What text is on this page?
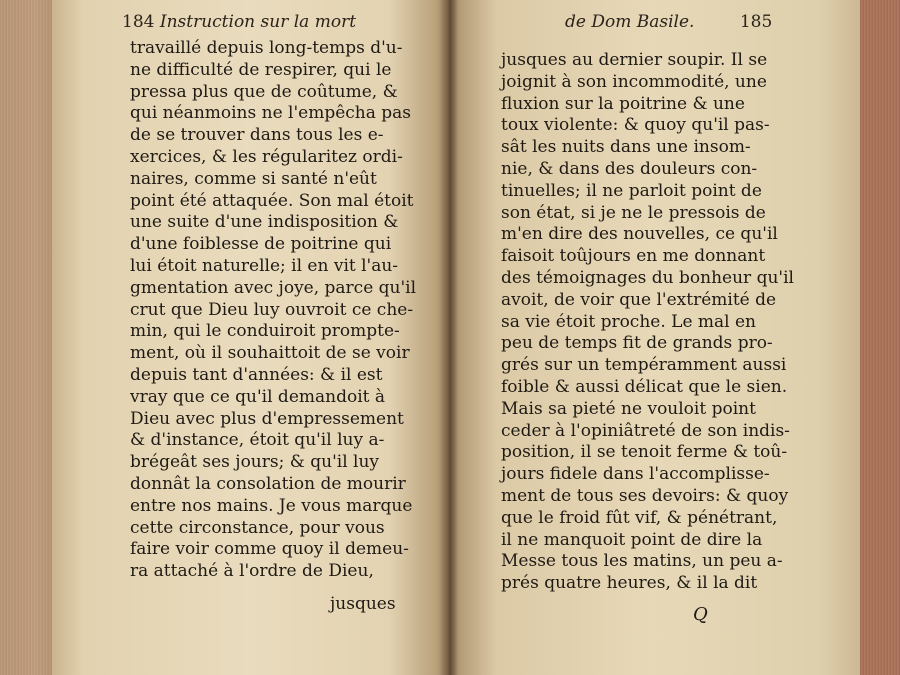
184 Instruction sur la mort
travaillé depuis long-temps d'u-
ne difficulté de respirer, qui le
pressa plus que de coûtume, &
qui néanmoins ne l'empêcha pas
de se trouver dans tous les e-
xercices, & les régularitez ordi-
naires, comme si santé n'eût
point été attaquée. Son mal étoit
une suite d'une indisposition &
d'une foiblesse de poitrine qui
lui étoit naturelle; il en vit l'au-
gmentation avec joye, parce qu'il
crut que Dieu luy ouvroit ce che-
min, qui le conduiroit prompte-
ment, où il souhaittoit de se voir
depuis tant d'années: & il est
vray que ce qu'il demandoit à
Dieu avec plus d'empressement
& d'instance, étoit qu'il luy a-
brégeât ses jours; & qu'il luy
donnât la consolation de mourir
entre nos mains. Je vous marque
cette circonstance, pour vous
faire voir comme quoy il demeu-
ra attaché à l'ordre de Dieu,
jusques
de Dom Basile.	185
jusques au dernier soupir. Il se
joignit à son incommodité, une
fluxion sur la poitrine & une
toux violente: & quoy qu'il pas-
sât les nuits dans une insom-
nie, & dans des douleurs con-
tinuelles; il ne parloit point de
son état, si je ne le pressois de
m'en dire des nouvelles, ce qu'il
faisoit toûjours en me donnant
des témoignages du bonheur qu'il
avoit, de voir que l'extrémité de
sa vie étoit proche. Le mal en
peu de temps fit de grands pro-
grés sur un tempéramment aussi
foible & aussi délicat que le sien.
Mais sa pieté ne vouloit point
ceder à l'opiniâtreté de son indis-
position, il se tenoit ferme & toû-
jours fidele dans l'accomplisse-
ment de tous ses devoirs: & quoy
que le froid fût vif, & pénétrant,
il ne manquoit point de dire la
Messe tous les matins, un peu a-
prés quatre heures, & il la dit
Q
